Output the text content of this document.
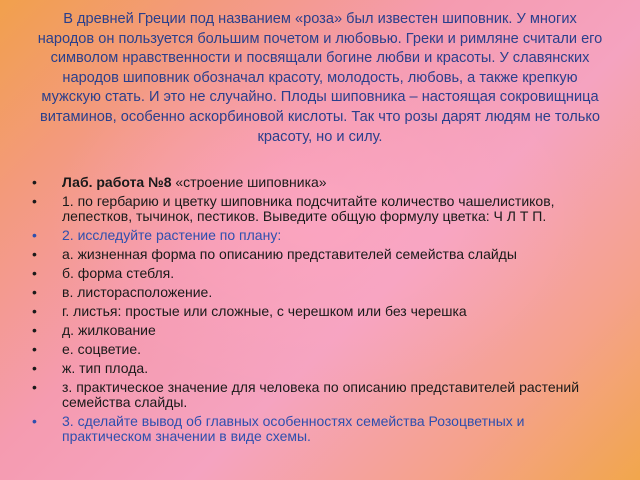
В древней Греции под названием «роза» был известен шиповник. У многих народов он пользуется большим почетом и любовью. Греки и римляне считали его символом нравственности и посвящали богине любви и красоты. У славянских народов шиповник обозначал красоту, молодость, любовь, а также крепкую мужскую стать. И это не случайно. Плоды шиповника – настоящая сокровищница витаминов, особенно аскорбиновой кислоты. Так что розы дарят людям не только красоту, но и силу.

•	Лаб. работа №8 «строение шиповника»
•	1. по гербарию и цветку шиповника подсчитайте количество чашелистиков, лепестков, тычинок, пестиков. Выведите общую формулу цветка: Ч Л Т П.
•	2. исследуйте растение по плану:
•	а. жизненная форма по описанию представителей семейства слайды
•	б. форма стебля.
•	в. листорасположение.
•	г. листья: простые или сложные, с черешком или без черешка
•	д. жилкование
•	е. соцветие.
•	ж. тип плода.
•	з. практическое значение для человека по описанию представителей растений семейства слайды.
•	3. сделайте вывод об главных особенностях семейства Розоцветных и практическом значении в виде схемы.
